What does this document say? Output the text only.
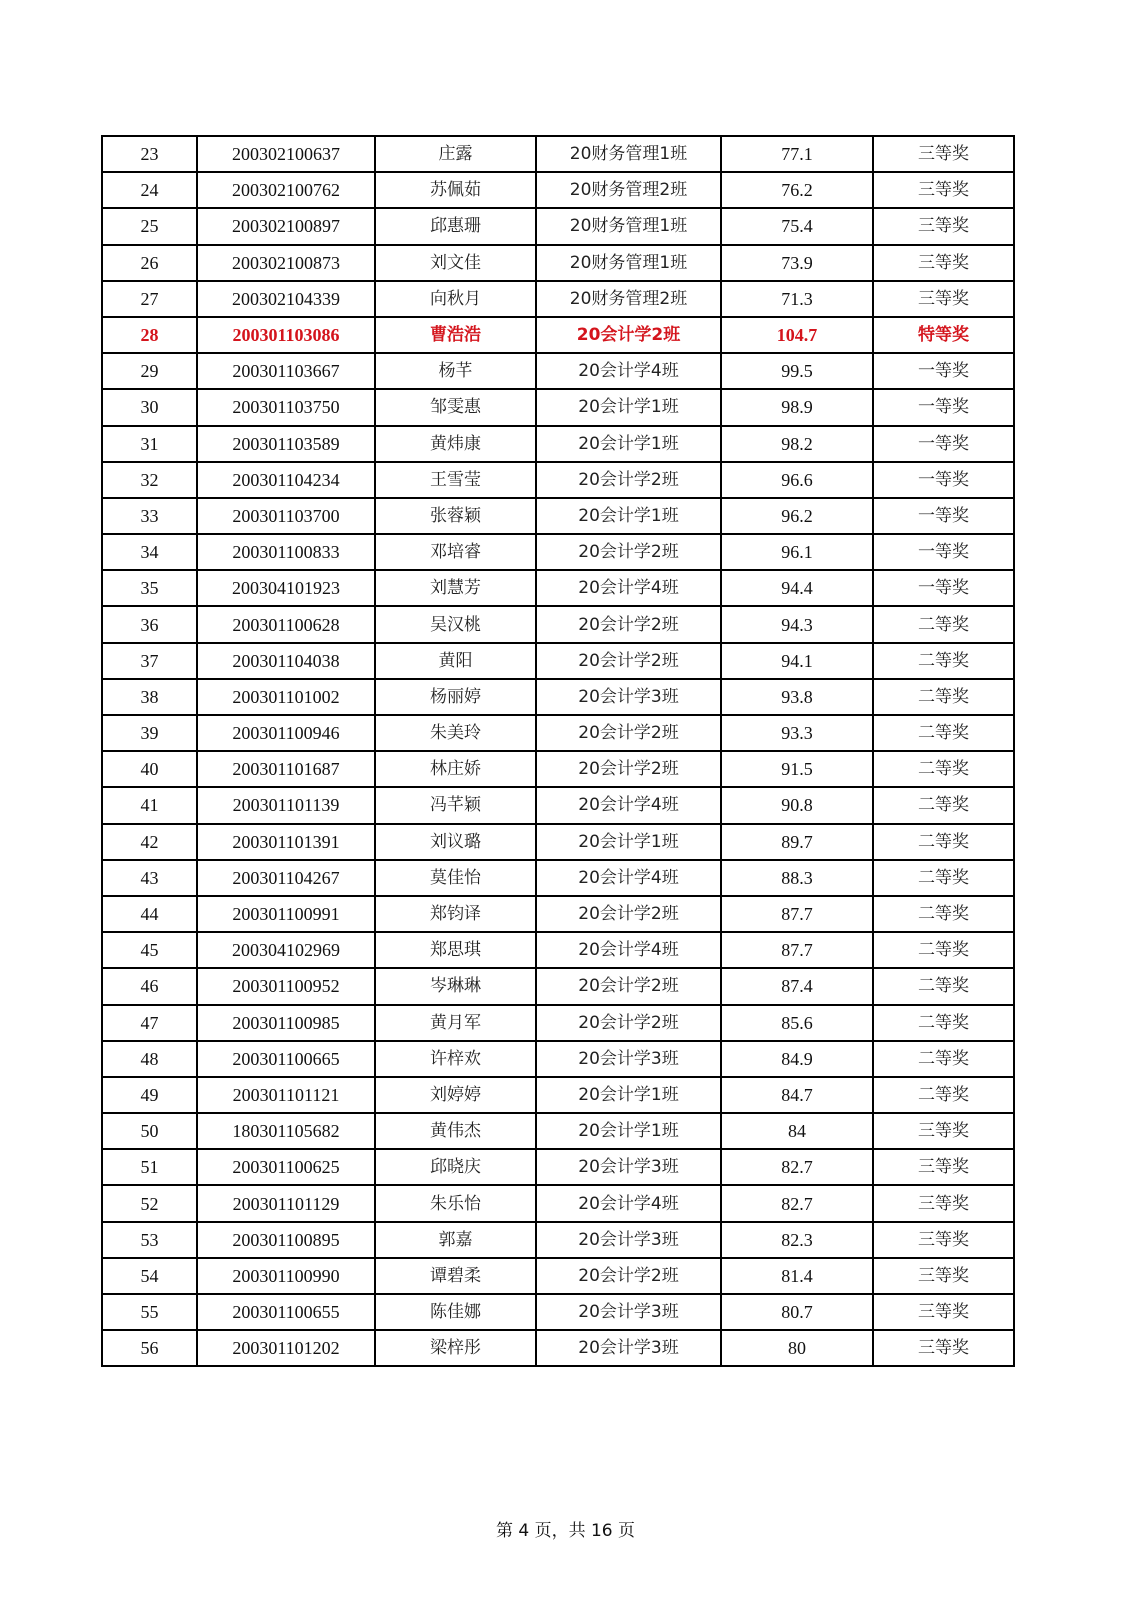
23	200302100637	庄露	20财务管理1班	77.1	三等奖
24	200302100762	苏佩茹	20财务管理2班	76.2	三等奖
25	200302100897	邱惠珊	20财务管理1班	75.4	三等奖
26	200302100873	刘文佳	20财务管理1班	73.9	三等奖
27	200302104339	向秋月	20财务管理2班	71.3	三等奖
28	200301103086	曹浩浩	20会计学2班	104.7	特等奖
29	200301103667	杨芊	20会计学4班	99.5	一等奖
30	200301103750	邹雯惠	20会计学1班	98.9	一等奖
31	200301103589	黄炜康	20会计学1班	98.2	一等奖
32	200301104234	王雪莹	20会计学2班	96.6	一等奖
33	200301103700	张蓉颖	20会计学1班	96.2	一等奖
34	200301100833	邓培睿	20会计学2班	96.1	一等奖
35	200304101923	刘慧芳	20会计学4班	94.4	一等奖
36	200301100628	吴汉桃	20会计学2班	94.3	二等奖
37	200301104038	黄阳	20会计学2班	94.1	二等奖
38	200301101002	杨丽婷	20会计学3班	93.8	二等奖
39	200301100946	朱美玲	20会计学2班	93.3	二等奖
40	200301101687	林庄娇	20会计学2班	91.5	二等奖
41	200301101139	冯芊颖	20会计学4班	90.8	二等奖
42	200301101391	刘议璐	20会计学1班	89.7	二等奖
43	200301104267	莫佳怡	20会计学4班	88.3	二等奖
44	200301100991	郑钧译	20会计学2班	87.7	二等奖
45	200304102969	郑思琪	20会计学4班	87.7	二等奖
46	200301100952	岑琳琳	20会计学2班	87.4	二等奖
47	200301100985	黄月军	20会计学2班	85.6	二等奖
48	200301100665	许梓欢	20会计学3班	84.9	二等奖
49	200301101121	刘婷婷	20会计学1班	84.7	二等奖
50	180301105682	黄伟杰	20会计学1班	84	三等奖
51	200301100625	邱晓庆	20会计学3班	82.7	三等奖
52	200301101129	朱乐怡	20会计学4班	82.7	三等奖
53	200301100895	郭嘉	20会计学3班	82.3	三等奖
54	200301100990	谭碧柔	20会计学2班	81.4	三等奖
55	200301100655	陈佳娜	20会计学3班	80.7	三等奖
56	200301101202	梁梓彤	20会计学3班	80	三等奖
第 4 页，共 16 页
